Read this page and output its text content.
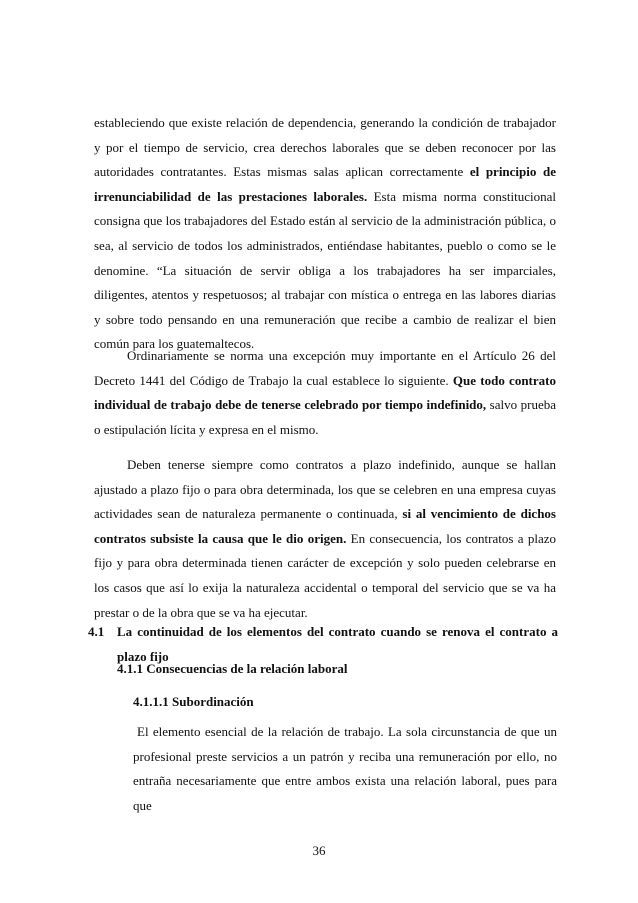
estableciendo que existe relación de dependencia, generando la condición de trabajador y por el tiempo de servicio, crea derechos laborales que se deben reconocer por las autoridades contratantes. Estas mismas salas aplican correctamente el principio de irrenunciabilidad de las prestaciones laborales. Esta misma norma constitucional consigna que los trabajadores del Estado están al servicio de la administración pública, o sea, al servicio de todos los administrados, entiéndase habitantes, pueblo o como se le denomine. “La situación de servir obliga a los trabajadores ha ser imparciales, diligentes, atentos y respetuosos; al trabajar con mística o entrega en las labores diarias y sobre todo pensando en una remuneración que recibe a cambio de realizar el bien común para los guatemaltecos.

Ordinariamente se norma una excepción muy importante en el Artículo 26 del Decreto 1441 del Código de Trabajo la cual establece lo siguiente. Que todo contrato individual de trabajo debe de tenerse celebrado por tiempo indefinido, salvo prueba o estipulación lícita y expresa en el mismo.

Deben tenerse siempre como contratos a plazo indefinido, aunque se hallan ajustado a plazo fijo o para obra determinada, los que se celebren en una empresa cuyas actividades sean de naturaleza permanente o continuada, si al vencimiento de dichos contratos subsiste la causa que le dio origen. En consecuencia, los contratos a plazo fijo y para obra determinada tienen carácter de excepción y solo pueden celebrarse en los casos que así lo exija la naturaleza accidental o temporal del servicio que se va ha prestar o de la obra que se va ha ejecutar.

4.1 La continuidad de los elementos del contrato cuando se renova el contrato a plazo fijo
4.1.1 Consecuencias de la relación laboral
4.1.1.1 Subordinación

El elemento esencial de la relación de trabajo. La sola circunstancia de que un profesional preste servicios a un patrón y reciba una remuneración por ello, no entraña necesariamente que entre ambos exista una relación laboral, pues para que

36
